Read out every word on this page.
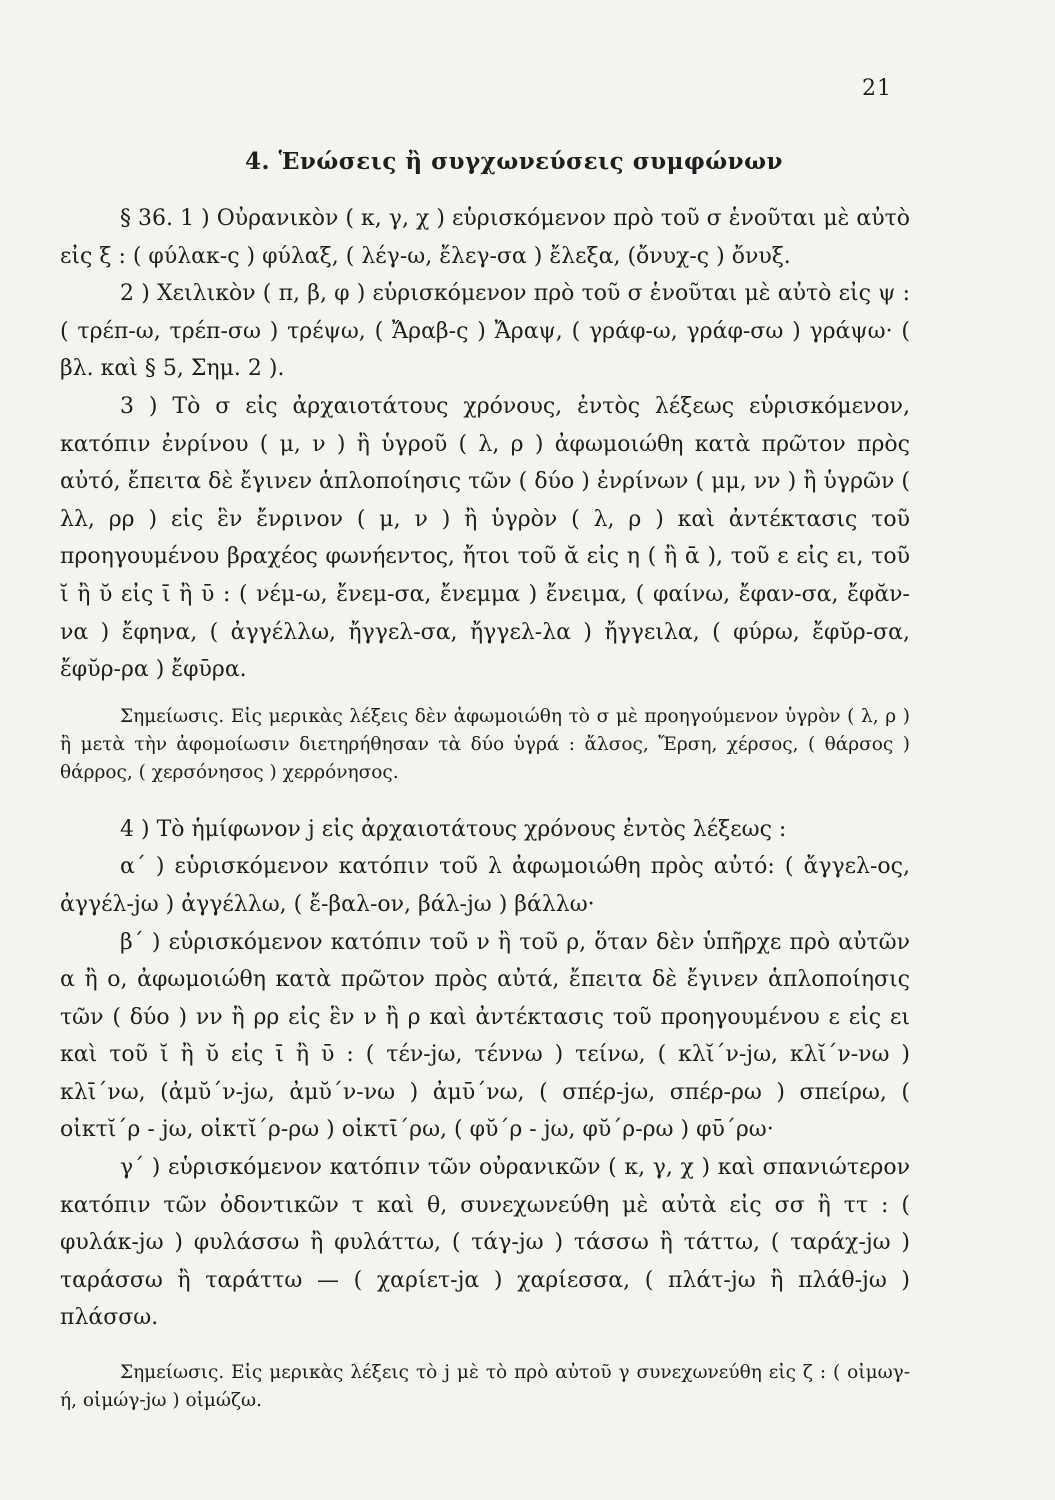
21
4. Ἑνώσεις ἢ συγχωνεύσεις συμφώνων

§ 36. 1 ) Οὐρανικὸν ( κ, γ, χ ) εὑρισκόμενον πρὸ τοῦ σ ἑνοῦται μὲ αὐτὸ εἰς ξ : ( φύλακ-ς ) φύλαξ, ( λέγ-ω, ἔλεγ-σα ) ἔλεξα, (ὄνυχ-ς ) ὄνυξ.

2 ) Χειλικὸν ( π, β, φ ) εὑρισκόμενον πρὸ τοῦ σ ἑνοῦται μὲ αὐτὸ εἰς ψ : ( τρέπ-ω, τρέπ-σω ) τρέψω, ( Ἄραβ-ς ) Ἄραψ, ( γράφ-ω, γράφ-σω ) γράψω· ( βλ. καὶ § 5, Σημ. 2 ).

3 ) Τὸ σ εἰς ἀρχαιοτάτους χρόνους, ἐντὸς λέξεως εὑρισκόμενον, κατόπιν ἐνρίνου ( μ, ν ) ἢ ὑγροῦ ( λ, ρ ) ἀφωμοιώθη κατὰ πρῶτον πρὸς αὐτό, ἔπειτα δὲ ἔγινεν ἁπλοποίησις τῶν ( δύο ) ἐνρίνων ( μμ, νν ) ἢ ὑγρῶν ( λλ, ρρ ) εἰς ἓν ἔνρινον ( μ, ν ) ἢ ὑγρὸν ( λ, ρ ) καὶ ἀντέκτασις τοῦ προηγουμένου βραχέος φωνήεντος, ἤτοι τοῦ ᾰ εἰς η ( ἢ ᾱ ), τοῦ ε εἰς ει, τοῦ ῐ ἢ ῠ εἰς ῑ ἢ ῡ : ( νέμ-ω, ἔνεμ-σα, ἔνεμμα ) ἔνειμα, ( φαίνω, ἔφαν-σα, ἔφᾰν-να ) ἔφηνα, ( ἀγγέλλω, ἤγγελ-σα, ἤγγελ-λα ) ἤγγειλα, ( φύρω, ἔφῠρ-σα, ἔφῠρ-ρα ) ἔφῡρα.

Σημείωσις. Εἰς μερικὰς λέξεις δὲν ἀφωμοιώθη τὸ σ μὲ προηγούμενον ὑγρὸν ( λ, ρ ) ἢ μετὰ τὴν ἀφομοίωσιν διετηρήθησαν τὰ δύο ὑγρά : ἄλσος, Ἔρση, χέρσος, ( θάρσος ) θάρρος, ( χερσόνησος ) χερρόνησος.

4 ) Τὸ ἡμίφωνον j εἰς ἀρχαιοτάτους χρόνους ἐντὸς λέξεως :

α΄ ) εὑρισκόμενον κατόπιν τοῦ λ ἀφωμοιώθη πρὸς αὐτό: ( ἄγγελ-ος, ἀγγέλ-jω ) ἀγγέλλω, ( ἔ-βαλ-ον, βάλ-jω ) βάλλω·

β΄ ) εὑρισκόμενον κατόπιν τοῦ ν ἢ τοῦ ρ, ὅταν δὲν ὑπῆρχε πρὸ αὐτῶν α ἢ ο, ἀφωμοιώθη κατὰ πρῶτον πρὸς αὐτά, ἔπειτα δὲ ἔγινεν ἁπλοποίησις τῶν ( δύο ) νν ἢ ρρ εἰς ἓν ν ἢ ρ καὶ ἀντέκτασις τοῦ προηγουμένου ε εἰς ει καὶ τοῦ ῐ ἢ ῠ εἰς ῑ ἢ ῡ : ( τέν-jω, τέννω ) τείνω, ( κλῐ΄ν-jω, κλῐ΄ν-νω ) κλῑ΄νω, (ἀμῠ΄ν-jω, ἀμῠ΄ν-νω ) ἀμῡ΄νω, ( σπέρ-jω, σπέρ-ρω ) σπείρω, ( οἰκτῐ΄ρ - jω, οἰκτῐ΄ρ-ρω ) οἰκτῑ΄ρω, ( φῠ΄ρ - jω, φῠ΄ρ-ρω ) φῡ΄ρω·

γ΄ ) εὑρισκόμενον κατόπιν τῶν οὐρανικῶν ( κ, γ, χ ) καὶ σπανιώτερον κατόπιν τῶν ὀδοντικῶν τ καὶ θ, συνεχωνεύθη μὲ αὐτὰ εἰς σσ ἢ ττ : ( φυλάκ-jω ) φυλάσσω ἢ φυλάττω, ( τάγ-jω ) τάσσω ἢ τάττω, ( ταράχ-jω ) ταράσσω ἢ ταράττω — ( χαρίετ-jα ) χαρίεσσα, ( πλάτ-jω ἢ πλάθ-jω ) πλάσσω.

Σημείωσις. Εἰς μερικὰς λέξεις τὸ j μὲ τὸ πρὸ αὐτοῦ γ συνεχωνεύθη εἰς ζ : ( οἰμωγ-ή, οἰμώγ-jω ) οἰμώζω.
